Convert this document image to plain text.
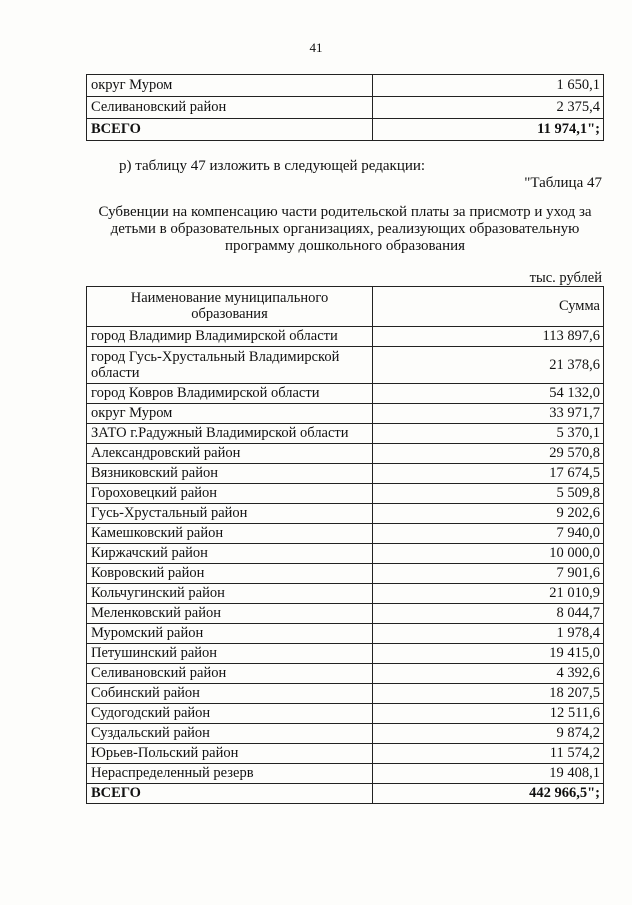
41
округ Муром	1 650,1
Селивановский район	2 375,4
ВСЕГО	11 974,1";
р) таблицу 47 изложить в следующей редакции:
"Таблица 47
Субвенции на компенсацию части родительской платы за присмотр и уход за детьми в образовательных организациях, реализующих образовательную программу дошкольного образования
тыс. рублей
Наименование муниципального образования	Сумма
город Владимир Владимирской области	113 897,6
город Гусь-Хрустальный Владимирской области	21 378,6
город Ковров Владимирской области	54 132,0
округ Муром	33 971,7
ЗАТО г.Радужный Владимирской области	5 370,1
Александровский район	29 570,8
Вязниковский район	17 674,5
Гороховецкий район	5 509,8
Гусь-Хрустальный район	9 202,6
Камешковский район	7 940,0
Киржачский район	10 000,0
Ковровский район	7 901,6
Кольчугинский район	21 010,9
Меленковский район	8 044,7
Муромский район	1 978,4
Петушинский район	19 415,0
Селивановский район	4 392,6
Собинский район	18 207,5
Судогодский район	12 511,6
Суздальский район	9 874,2
Юрьев-Польский район	11 574,2
Нераспределенный резерв	19 408,1
ВСЕГО	442 966,5";
